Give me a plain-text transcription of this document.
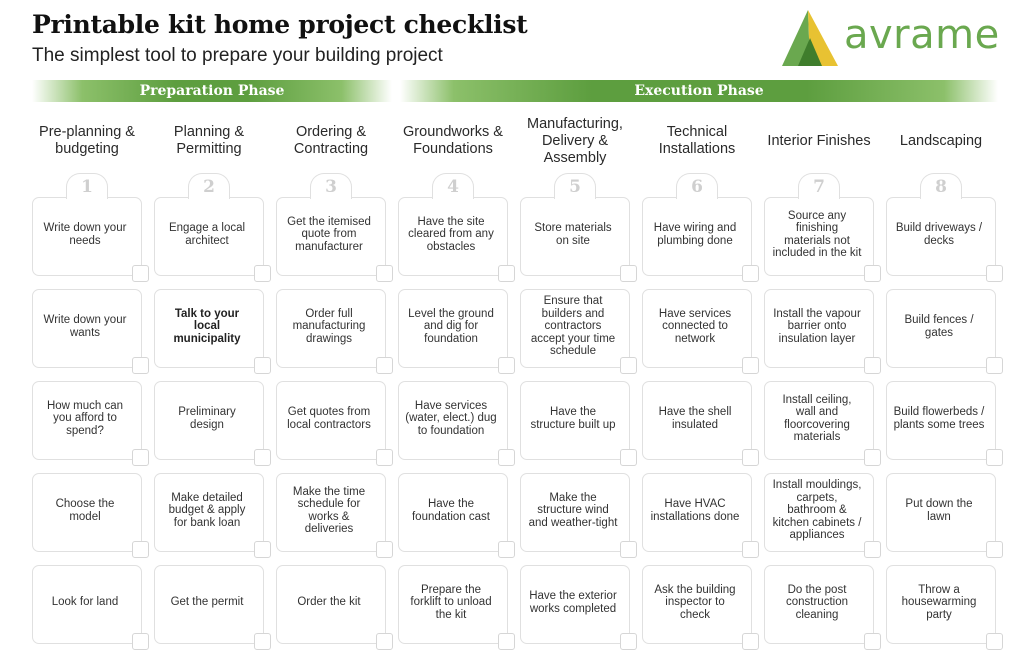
Printable kit home project checklist
The simplest tool to prepare your building project	avrame
Preparation Phase	Execution Phase
Pre-planning &
budgeting
1
Write down your needs
Write down your wants
How much can you afford to spend?
Choose the model
Look for land
Planning &
Permitting
2
Engage a local architect
Talk to your local municipality
Preliminary design
Make detailed budget & apply for bank loan
Get the permit
Ordering &
Contracting
3
Get the itemised quote from manufacturer
Order full manufacturing drawings
Get quotes from local contractors
Make the time schedule for works & deliveries
Order the kit
Groundworks &
Foundations
4
Have the site cleared from any obstacles
Level the ground and dig for foundation
Have services (water, elect.) dug to foundation
Have the foundation cast
Prepare the forklift to unload the kit
Manufacturing,
Delivery &
Assembly
5
Store materials on site
Ensure that builders and contractors accept your time schedule
Have the structure built up
Make the structure wind and weather-tight
Have the exterior works completed
Technical
Installations
6
Have wiring and plumbing done
Have services connected to network
Have the shell insulated
Have HVAC installations done
Ask the building inspector to check
Interior Finishes
7
Source any finishing materials not included in the kit
Install the vapour barrier onto insulation layer
Install ceiling, wall and floorcovering materials
Install mouldings, carpets, bathroom & kitchen cabinets / appliances
Do the post construction cleaning
Landscaping
8
Build driveways / decks
Build fences / gates
Build flowerbeds / plants some trees
Put down the lawn
Throw a housewarming party
